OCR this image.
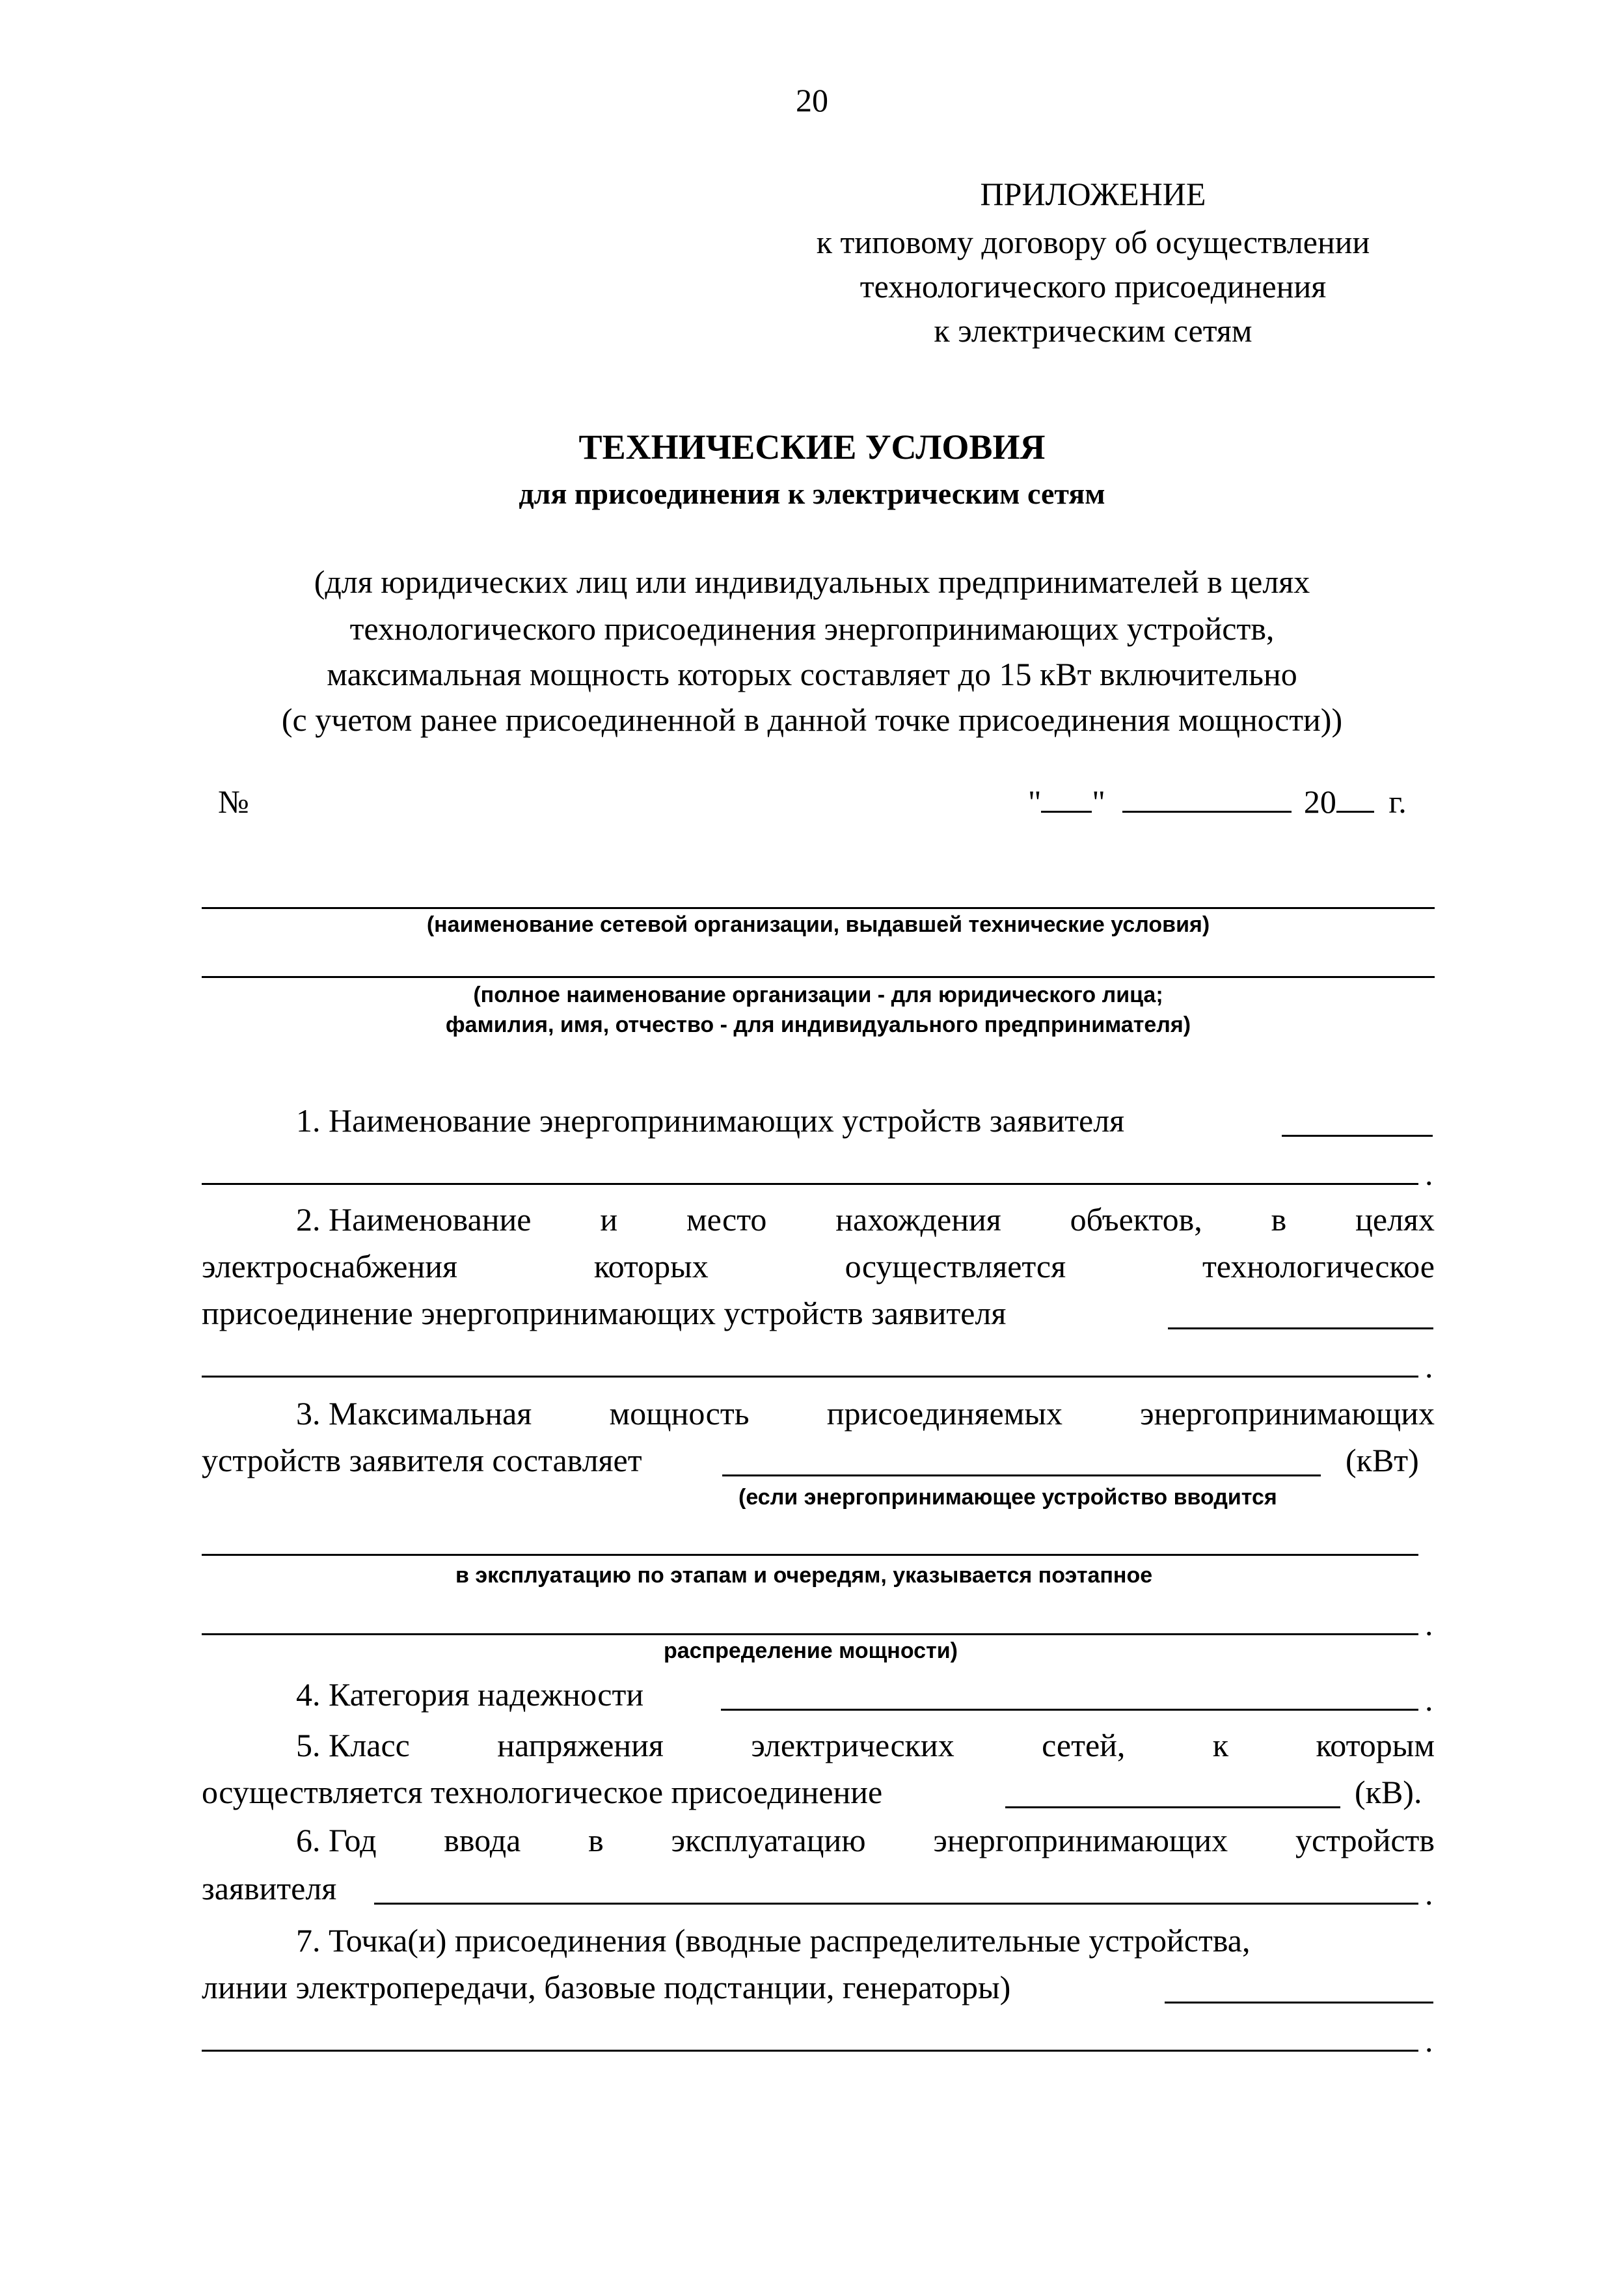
20
ПРИЛОЖЕНИЕ
к типовому договору об осуществлении
технологического присоединения
к электрическим сетям
ТЕХНИЧЕСКИЕ УСЛОВИЯ
для присоединения к электрическим сетям
(для юридических лиц или индивидуальных предпринимателей в целях
технологического присоединения энергопринимающих устройств,
максимальная мощность которых составляет до 15 кВт включительно
(с учетом ранее присоединенной в данной точке присоединения мощности))
№	" "	20 г.
(наименование сетевой организации, выдавшей технические условия)
(полное наименование организации - для юридического лица;
фамилия, имя, отчество - для индивидуального предпринимателя)
1. Наименование энергопринимающих устройств заявителя
.
2. Наименование и место нахождения объектов, в целях
электроснабжения	которых	осуществляется	технологическое
присоединение энергопринимающих устройств заявителя
.
3. Максимальная мощность присоединяемых энергопринимающих
устройств заявителя составляет	(кВт)
(если энергопринимающее устройство вводится
в эксплуатацию по этапам и очередям, указывается поэтапное
.
распределение мощности)
4. Категория надежности	.
5. Класс	напряжения	электрических	сетей,	к	которым
осуществляется технологическое присоединение	(кВ).
6. Год ввода в эксплуатацию энергопринимающих устройств
заявителя	.
7. Точка(и) присоединения (вводные распределительные устройства,
линии электропередачи, базовые подстанции, генераторы)
.
